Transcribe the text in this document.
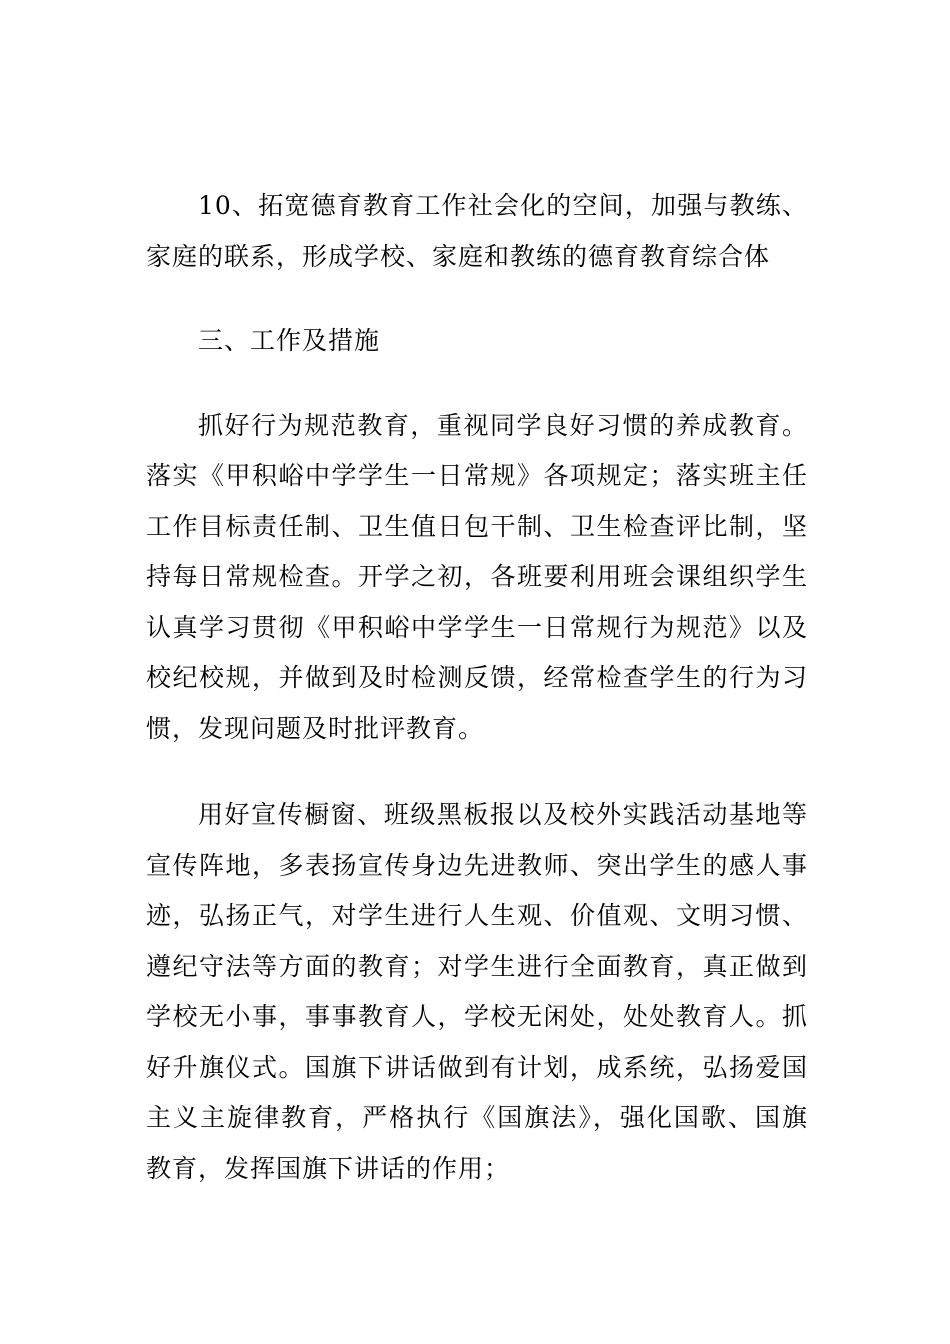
10、拓宽德育教育工作社会化的空间，加强与教练、
家庭的联系，形成学校、家庭和教练的德育教育综合体
三、工作及措施
抓好行为规范教育，重视同学良好习惯的养成教育。
落实《甲积峪中学学生一日常规》各项规定；落实班主任
工作目标责任制、卫生值日包干制、卫生检查评比制，坚
持每日常规检查。开学之初，各班要利用班会课组织学生
认真学习贯彻《甲积峪中学学生一日常规行为规范》以及
校纪校规，并做到及时检测反馈，经常检查学生的行为习
惯，发现问题及时批评教育。
用好宣传橱窗、班级黑板报以及校外实践活动基地等
宣传阵地，多表扬宣传身边先进教师、突出学生的感人事
迹，弘扬正气，对学生进行人生观、价值观、文明习惯、
遵纪守法等方面的教育；对学生进行全面教育，真正做到
学校无小事，事事教育人，学校无闲处，处处教育人。抓
好升旗仪式。国旗下讲话做到有计划，成系统，弘扬爱国
主义主旋律教育，严格执行《国旗法》，强化国歌、国旗
教育，发挥国旗下讲话的作用；
